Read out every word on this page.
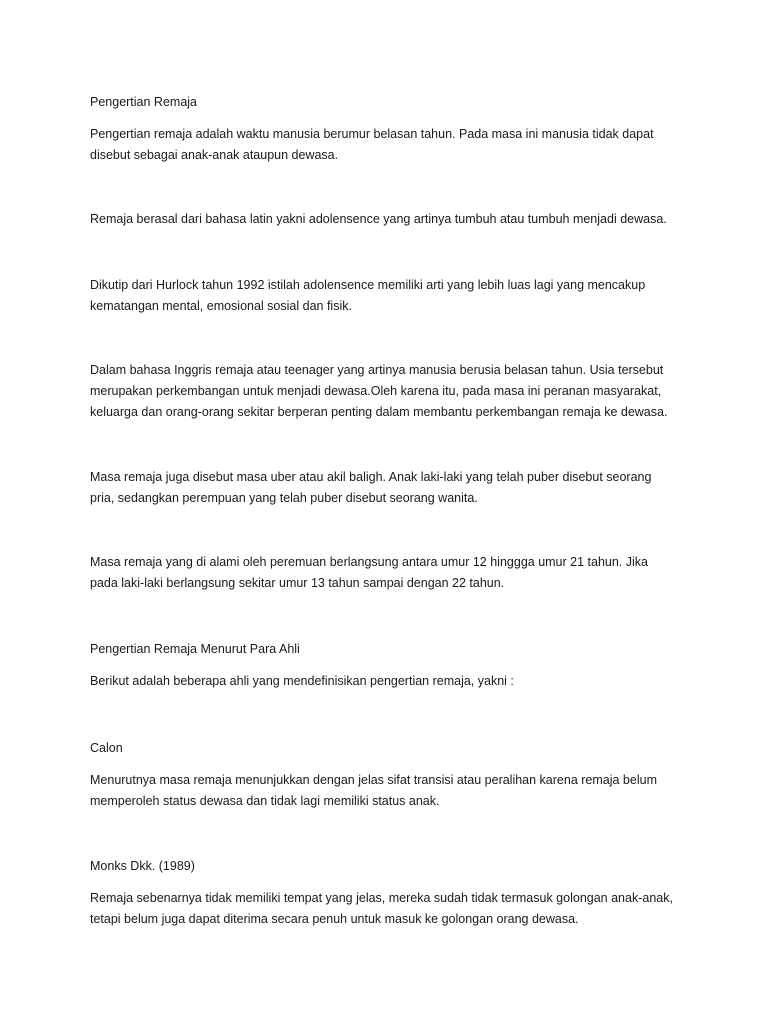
Pengertian Remaja

Pengertian remaja adalah waktu manusia berumur belasan tahun. Pada masa ini manusia tidak dapat
disebut sebagai anak-anak ataupun dewasa.

Remaja berasal dari bahasa latin yakni adolensence yang artinya tumbuh atau tumbuh menjadi dewasa.

Dikutip dari Hurlock tahun 1992 istilah adolensence memiliki arti yang lebih luas lagi yang mencakup
kematangan mental, emosional sosial dan fisik.

Dalam bahasa Inggris remaja atau teenager yang artinya manusia berusia belasan tahun. Usia tersebut
merupakan perkembangan untuk menjadi dewasa.Oleh karena itu, pada masa ini peranan masyarakat,
keluarga dan orang-orang sekitar berperan penting dalam membantu perkembangan remaja ke dewasa.

Masa remaja juga disebut masa uber atau akil baligh. Anak laki-laki yang telah puber disebut seorang
pria, sedangkan perempuan yang telah puber disebut seorang wanita.

Masa remaja yang di alami oleh peremuan berlangsung antara umur 12 hinggga umur 21 tahun. Jika
pada laki-laki berlangsung sekitar umur 13 tahun sampai dengan 22 tahun.

Pengertian Remaja Menurut Para Ahli

Berikut adalah beberapa ahli yang mendefinisikan pengertian remaja, yakni :

Calon

Menurutnya masa remaja menunjukkan dengan jelas sifat transisi atau peralihan karena remaja belum
memperoleh status dewasa dan tidak lagi memiliki status anak.

Monks Dkk. (1989)

Remaja sebenarnya tidak memiliki tempat yang jelas, mereka sudah tidak termasuk golongan anak-anak,
tetapi belum juga dapat diterima secara penuh untuk masuk ke golongan orang dewasa.
